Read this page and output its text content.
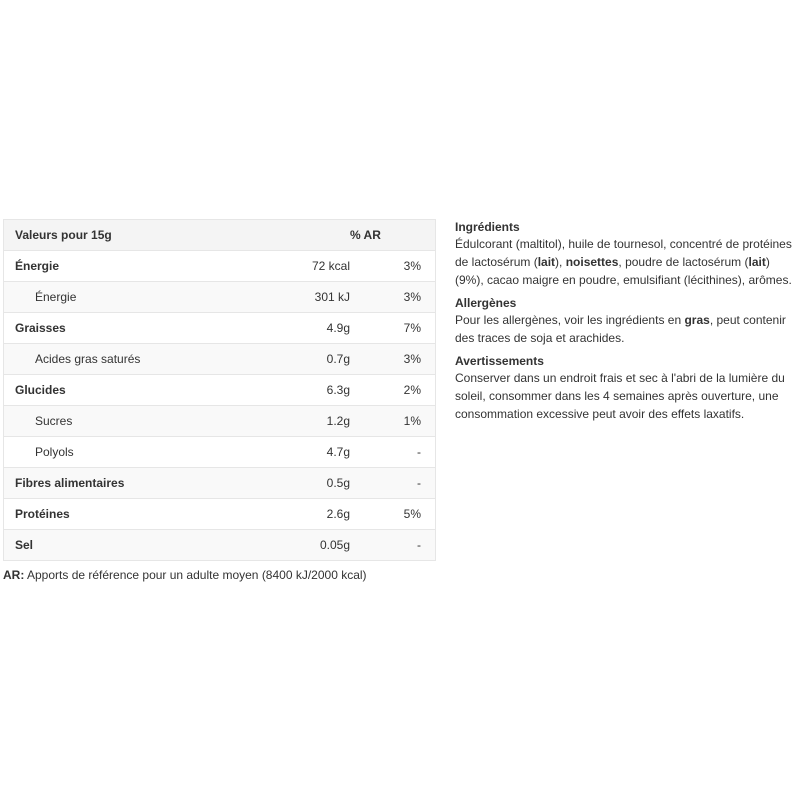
Valeurs pour 15g		% AR
Énergie	72 kcal	3%
Énergie	301 kJ	3%
Graisses	4.9g	7%
Acides gras saturés	0.7g	3%
Glucides	6.3g	2%
Sucres	1.2g	1%
Polyols	4.7g	-
Fibres alimentaires	0.5g	-
Protéines	2.6g	5%
Sel	0.05g	-
AR: Apports de référence pour un adulte moyen (8400 kJ/2000 kcal)
Ingrédients

Édulcorant (maltitol), huile de tournesol, concentré de protéines de lactosérum (lait), noisettes, poudre de lactosérum (lait)(9%), cacao maigre en poudre, emulsifiant (lécithines), arômes.

Allergènes

Pour les allergènes, voir les ingrédients en gras, peut contenir des traces de soja et arachides.

Avertissements

Conserver dans un endroit frais et sec à l'abri de la lumière du soleil, consommer dans les 4 semaines après ouverture, une consommation excessive peut avoir des effets laxatifs.
